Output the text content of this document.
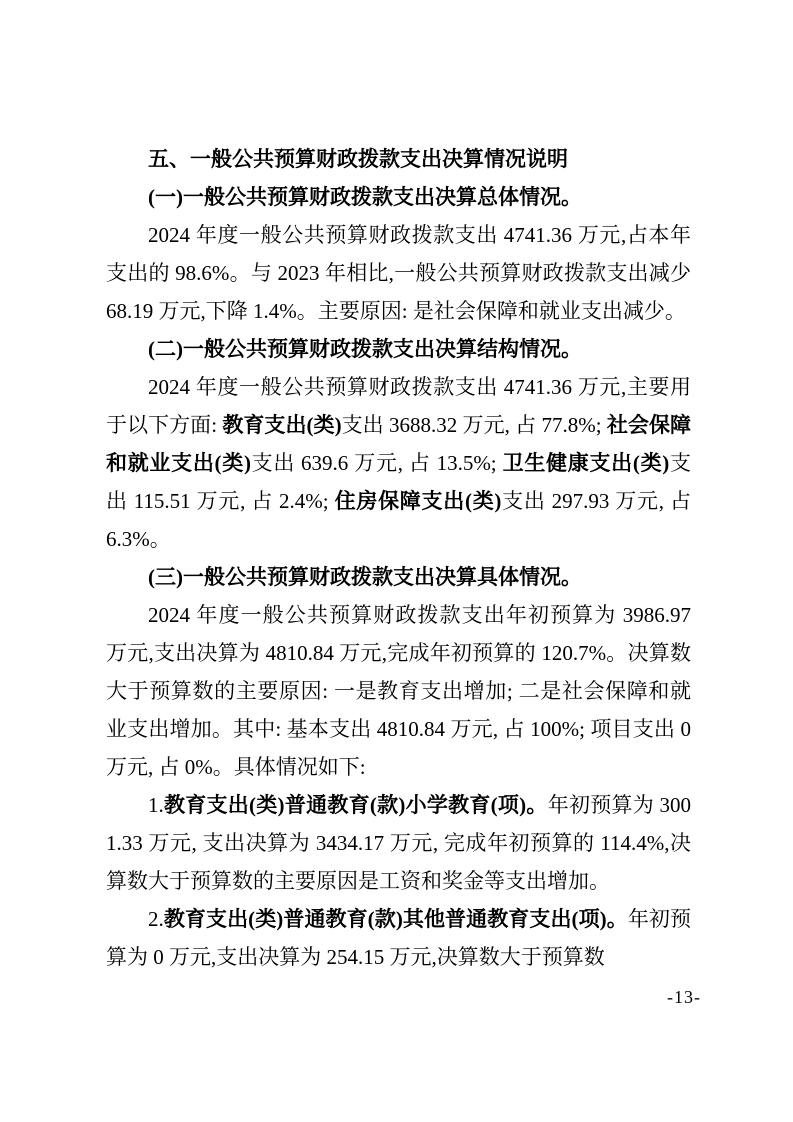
五、一般公共预算财政拨款支出决算情况说明

(一)一般公共预算财政拨款支出决算总体情况。

2024 年度一般公共预算财政拨款支出 4741.36 万元,占本年支出的 98.6%。与 2023 年相比,一般公共预算财政拨款支出减少 68.19 万元,下降 1.4%。主要原因: 是社会保障和就业支出减少。

(二)一般公共预算财政拨款支出决算结构情况。

2024 年度一般公共预算财政拨款支出 4741.36 万元,主要用于以下方面: 教育支出(类)支出 3688.32 万元, 占 77.8%; 社会保障和就业支出(类)支出 639.6 万元, 占 13.5%; 卫生健康支出(类)支出 115.51 万元, 占 2.4%; 住房保障支出(类)支出 297.93 万元, 占 6.3%。

(三)一般公共预算财政拨款支出决算具体情况。

2024 年度一般公共预算财政拨款支出年初预算为 3986.97 万元,支出决算为 4810.84 万元,完成年初预算的 120.7%。决算数大于预算数的主要原因: 一是教育支出增加; 二是社会保障和就业支出增加。其中: 基本支出 4810.84 万元, 占 100%; 项目支出 0 万元, 占 0%。具体情况如下:

1.教育支出(类)普通教育(款)小学教育(项)。年初预算为 3001.33 万元, 支出决算为 3434.17 万元, 完成年初预算的 114.4%,决算数大于预算数的主要原因是工资和奖金等支出增加。

2.教育支出(类)普通教育(款)其他普通教育支出(项)。年初预算为 0 万元,支出决算为 254.15 万元,决算数大于预算数

-13-
